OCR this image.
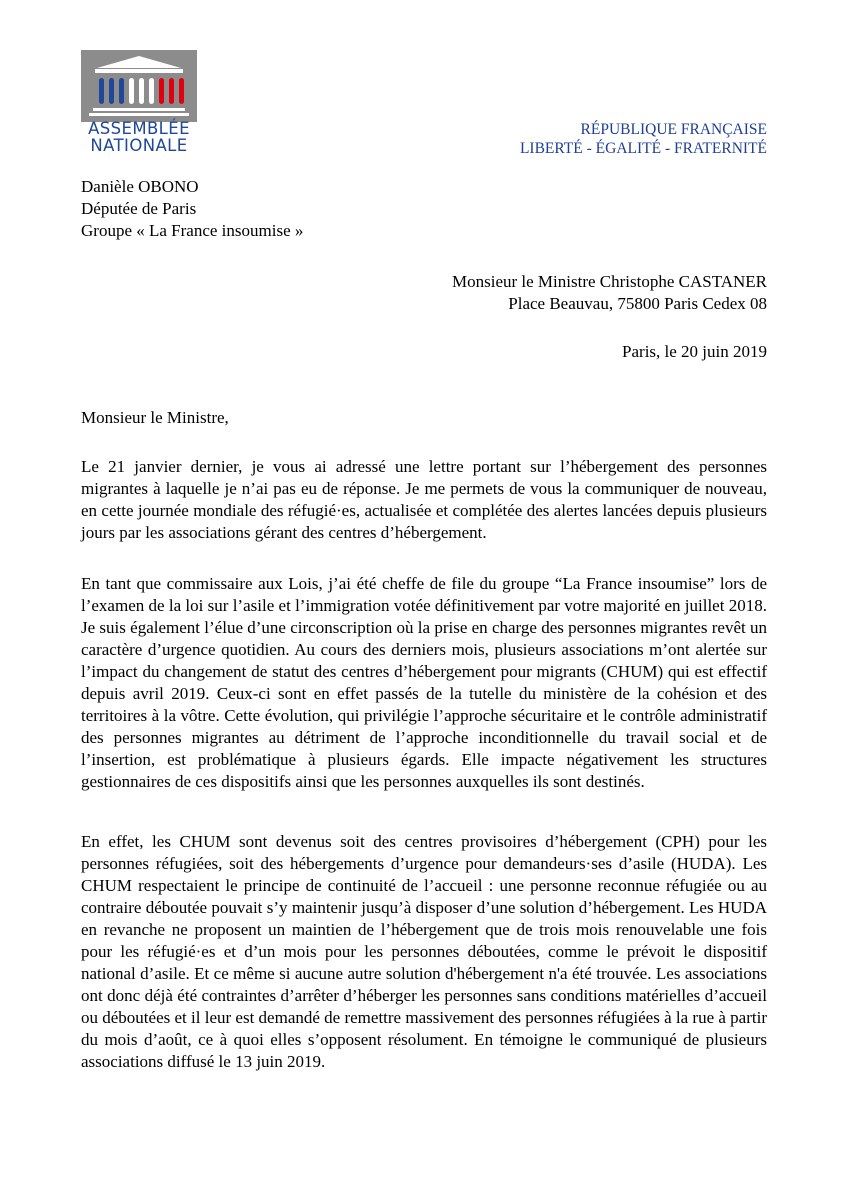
ASSEMBLÉE
NATIONALE
RÉPUBLIQUE FRANÇAISE
LIBERTÉ - ÉGALITÉ - FRATERNITÉ
Danièle OBONO
Députée de Paris
Groupe « La France insoumise »
Monsieur le Ministre Christophe CASTANER
Place Beauvau, 75800 Paris Cedex 08
Paris, le 20 juin 2019
Monsieur le Ministre,

Le 21 janvier dernier, je vous ai adressé une lettre portant sur l’hébergement des personnes migrantes à laquelle je n’ai pas eu de réponse. Je me permets de vous la communiquer de nouveau, en cette journée mondiale des réfugié·es, actualisée et complétée des alertes lancées depuis plusieurs jours par les associations gérant des centres d’hébergement.

En tant que commissaire aux Lois, j’ai été cheffe de file du groupe “La France insoumise” lors de l’examen de la loi sur l’asile et l’immigration votée définitivement par votre majorité en juillet 2018. Je suis également l’élue d’une circonscription où la prise en charge des personnes migrantes revêt un caractère d’urgence quotidien. Au cours des derniers mois, plusieurs associations m’ont alertée sur l’impact du changement de statut des centres d’hébergement pour migrants (CHUM) qui est effectif depuis avril 2019. Ceux-ci sont en effet passés de la tutelle du ministère de la cohésion et des territoires à la vôtre. Cette évolution, qui privilégie l’approche sécuritaire et le contrôle administratif des personnes migrantes au détriment de l’approche inconditionnelle du travail social et de l’insertion, est problématique à plusieurs égards. Elle impacte négativement les structures gestionnaires de ces dispositifs ainsi que les personnes auxquelles ils sont destinés.

En effet, les CHUM sont devenus soit des centres provisoires d’hébergement (CPH) pour les personnes réfugiées, soit des hébergements d’urgence pour demandeurs·ses d’asile (HUDA). Les CHUM respectaient le principe de continuité de l’accueil : une personne reconnue réfugiée ou au contraire déboutée pouvait s’y maintenir jusqu’à disposer d’une solution d’hébergement. Les HUDA en revanche ne proposent un maintien de l’hébergement que de trois mois renouvelable une fois pour les réfugié·es et d’un mois pour les personnes déboutées, comme le prévoit le dispositif national d’asile. Et ce même si aucune autre solution d'hébergement n'a été trouvée. Les associations ont donc déjà été contraintes d’arrêter d’héberger les personnes sans conditions matérielles d’accueil ou déboutées et il leur est demandé de remettre massivement des personnes réfugiées à la rue à partir du mois d’août, ce à quoi elles s’opposent résolument. En témoigne le communiqué de plusieurs associations diffusé le 13 juin 2019.
